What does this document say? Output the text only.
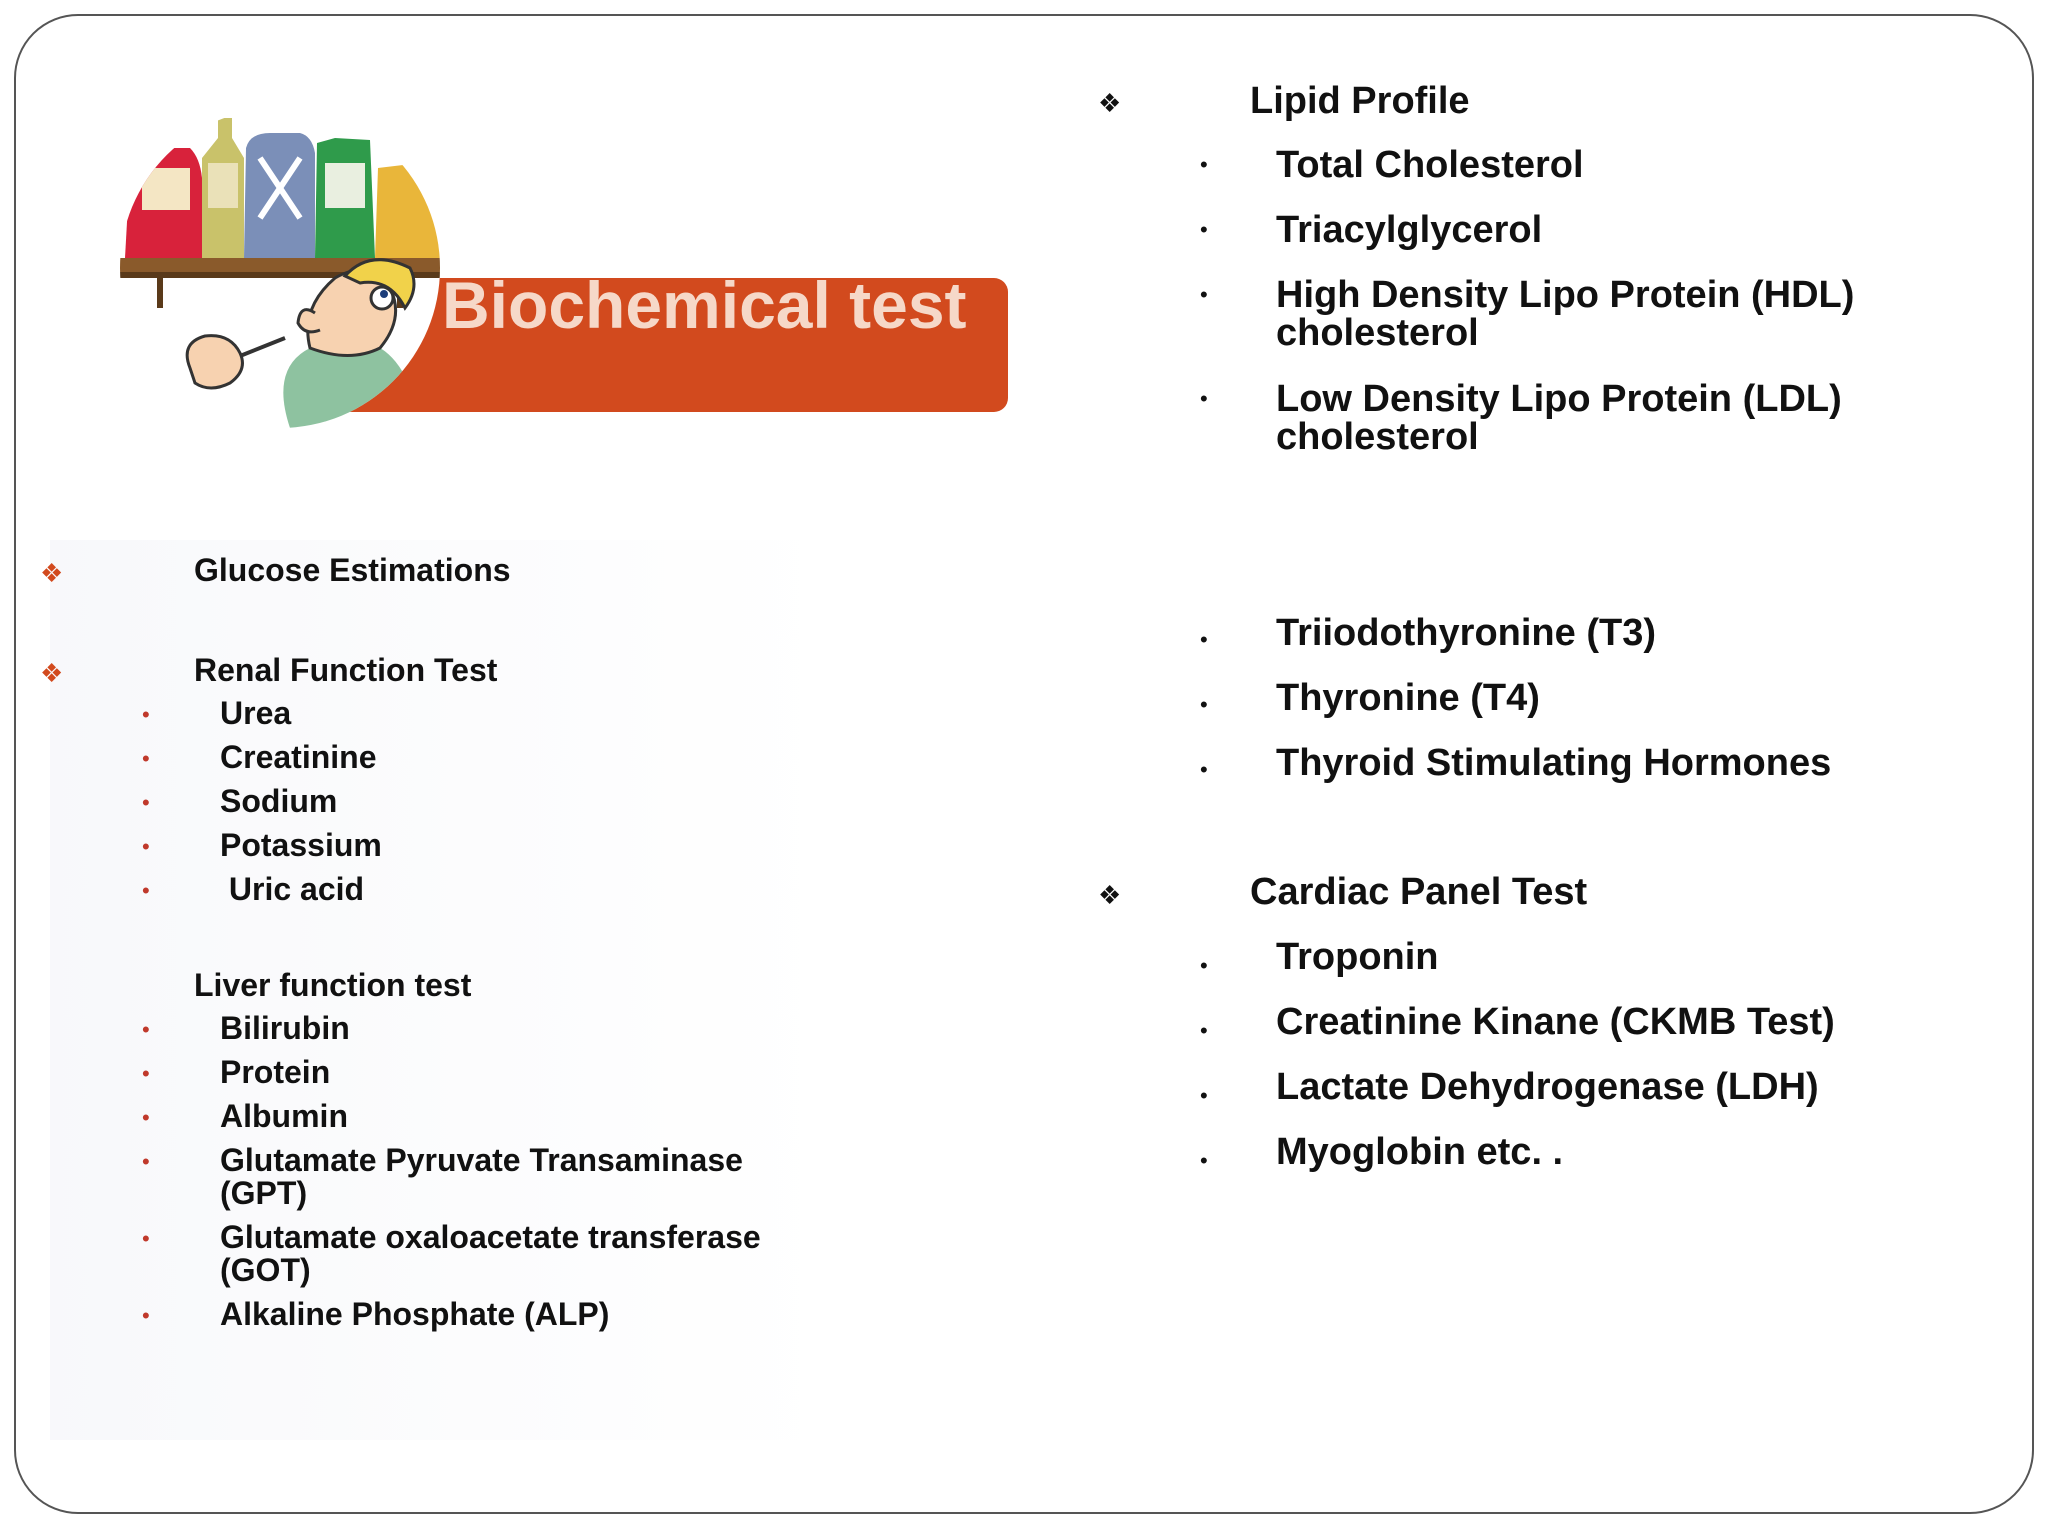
Biochemical test
❖	Glucose Estimations
❖	Renal Function Test
• Urea
• Creatinine
• Sodium
• Potassium
• Uric acid
Liver function test
• Bilirubin
• Protein
• Albumin
• Glutamate Pyruvate Transaminase (GPT)
• Glutamate oxaloacetate transferase (GOT)
• Alkaline Phosphate (ALP)
❖	Lipid Profile
• Total Cholesterol
• Triacylglycerol
• High Density Lipo Protein (HDL) cholesterol
• Low Density Lipo Protein (LDL) cholesterol
• Triiodothyronine (T3)
• Thyronine (T4)
• Thyroid Stimulating Hormones
❖	Cardiac Panel Test
• Troponin
• Creatinine Kinane (CKMB Test)
• Lactate Dehydrogenase (LDH)
• Myoglobin etc. .
